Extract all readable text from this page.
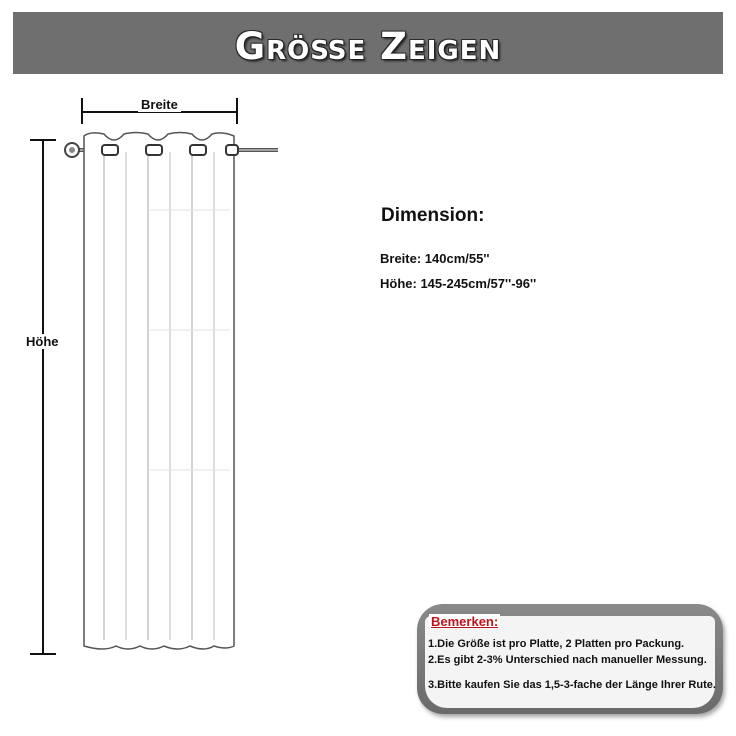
Größe Zeigen
Breite
Höhe
Dimension:
Breite: 140cm/55''
Höhe: 145-245cm/57''-96''
Bemerken:
1.Die Größe ist pro Platte, 2 Platten pro Packung.
2.Es gibt 2-3% Unterschied nach manueller Messung.
3.Bitte kaufen Sie das 1,5-3-fache der Länge Ihrer Rute.
